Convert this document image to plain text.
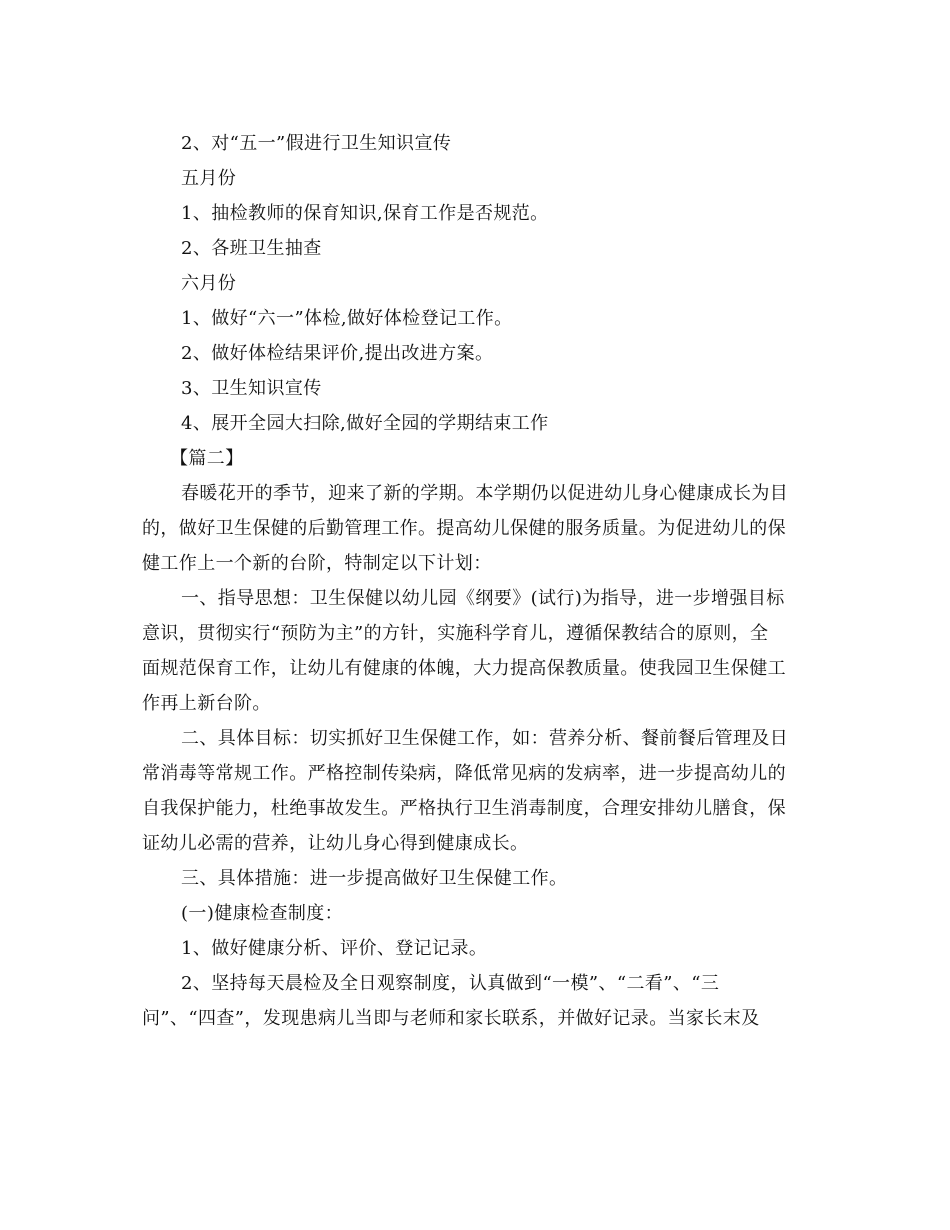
2、对“五一”假进行卫生知识宣传

五月份

1、抽检教师的保育知识,保育工作是否规范。

2、各班卫生抽查

六月份

1、做好“六一”体检,做好体检登记工作。

2、做好体检结果评价,提出改进方案。

3、卫生知识宣传

4、展开全园大扫除,做好全园的学期结束工作

【篇二】

春暖花开的季节，迎来了新的学期。本学期仍以促进幼儿身心健康成长为目

的，做好卫生保健的后勤管理工作。提高幼儿保健的服务质量。为促进幼儿的保

健工作上一个新的台阶，特制定以下计划：

一、指导思想：卫生保健以幼儿园《纲要》(试行)为指导，进一步增强目标

意识，贯彻实行“预防为主”的方针，实施科学育儿，遵循保教结合的原则，全

面规范保育工作，让幼儿有健康的体魄，大力提高保教质量。使我园卫生保健工

作再上新台阶。

二、具体目标：切实抓好卫生保健工作，如：营养分析、餐前餐后管理及日

常消毒等常规工作。严格控制传染病，降低常见病的发病率，进一步提高幼儿的

自我保护能力，杜绝事故发生。严格执行卫生消毒制度，合理安排幼儿膳食，保

证幼儿必需的营养，让幼儿身心得到健康成长。

三、具体措施：进一步提高做好卫生保健工作。

(一)健康检查制度：

1、做好健康分析、评价、登记记录。

2、坚持每天晨检及全日观察制度，认真做到“一模”、“二看”、“三

问”、“四查”，发现患病儿当即与老师和家长联系，并做好记录。当家长末及
